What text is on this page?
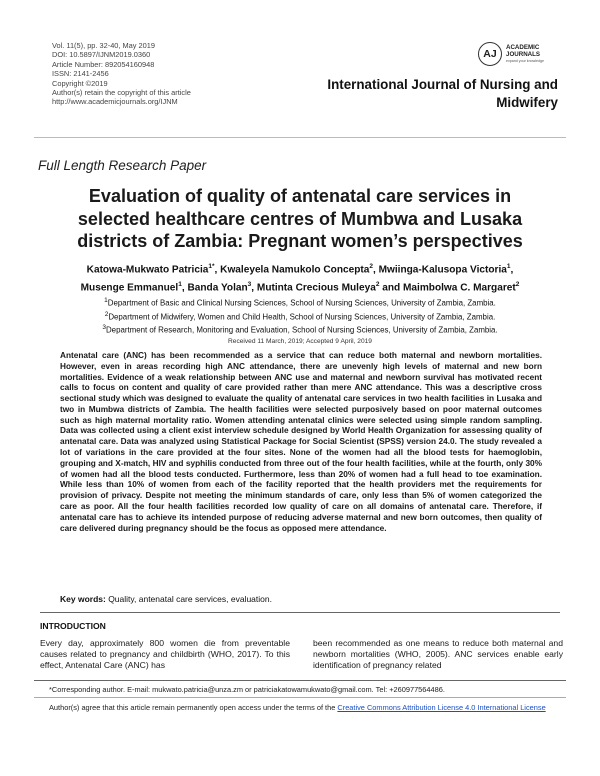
Vol. 11(5), pp. 32-40, May 2019
DOI: 10.5897/IJNM2019.0360
Article Number: 892054160948
ISSN: 2141-2456
Copyright ©2019
Author(s) retain the copyright of this article
http://www.academicjournals.org/IJNM
AJ
ACADEMIC
JOURNALS
expand your knowledge
International Journal of Nursing and
Midwifery
Full Length Research Paper
Evaluation of quality of antenatal care services in
selected healthcare centres of Mumbwa and Lusaka
districts of Zambia: Pregnant women’s perspectives
Katowa-Mukwato Patricia$^{1*}$, Kwaleyela Namukolo Concepta$^2$, Mwiinga-Kalusopa Victoria$^1$,
Musenge Emmanuel$^1$, Banda Yolan$^3$, Mutinta Crecious Muleya$^2$ and Maimbolwa C. Margaret$^2$
$^1$Department of Basic and Clinical Nursing Sciences, School of Nursing Sciences, University of Zambia, Zambia.
$^2$Department of Midwifery, Women and Child Health, School of Nursing Sciences, University of Zambia, Zambia.
$^3$Department of Research, Monitoring and Evaluation, School of Nursing Sciences, University of Zambia, Zambia.
Received 11 March, 2019; Accepted 9 April, 2019
Antenatal care (ANC) has been recommended as a service that can reduce both maternal and newborn mortalities. However, even in areas recording high ANC attendance, there are unevenly high levels of maternal and new born mortalities. Evidence of a weak relationship between ANC use and maternal and newborn survival has motivated recent calls to focus on content and quality of care provided rather than mere ANC attendance. This was a descriptive cross sectional study which was designed to evaluate the quality of antenatal care services in two health facilities in Lusaka and two in Mumbwa districts of Zambia. The health facilities were selected purposively based on poor maternal outcomes such as high maternal mortality ratio. Women attending antenatal clinics were selected using simple random sampling. Data was collected using a client exist interview schedule designed by World Health Organization for assessing quality of antenatal care. Data was analyzed using Statistical Package for Social Scientist (SPSS) version 24.0. The study revealed a lot of variations in the care provided at the four sites. None of the women had all the blood tests for haemoglobin, grouping and X-match, HIV and syphilis conducted from three out of the four health facilities, while at the fourth, only 30% of women had all the blood tests conducted. Furthermore, less than 20% of women had a full head to toe examination. While less than 10% of women from each of the facility reported that the health providers met the requirements for provision of privacy. Despite not meeting the minimum standards of care, only less than 5% of women categorized the care as poor. All the four health facilities recorded low quality of care on all domains of antenatal care. Therefore, if antenatal care has to achieve its intended purpose of reducing adverse maternal and new born outcomes, then quality of care delivered during pregnancy should be the focus as opposed mere attendance.
Key words: Quality, antenatal care services, evaluation.
INTRODUCTION
Every day, approximately 800 women die from preventable causes related to pregnancy and childbirth (WHO, 2017). To this effect, Antenatal Care (ANC) has
been recommended as one means to reduce both maternal and newborn mortalities (WHO, 2005). ANC services enable early identification of pregnancy related
*Corresponding author. E-mail: mukwato.patricia@unza.zm or patriciakatowamukwato@gmail.com. Tel: +260977564486.
Author(s) agree that this article remain permanently open access under the terms of the Creative Commons Attribution License 4.0 International License
